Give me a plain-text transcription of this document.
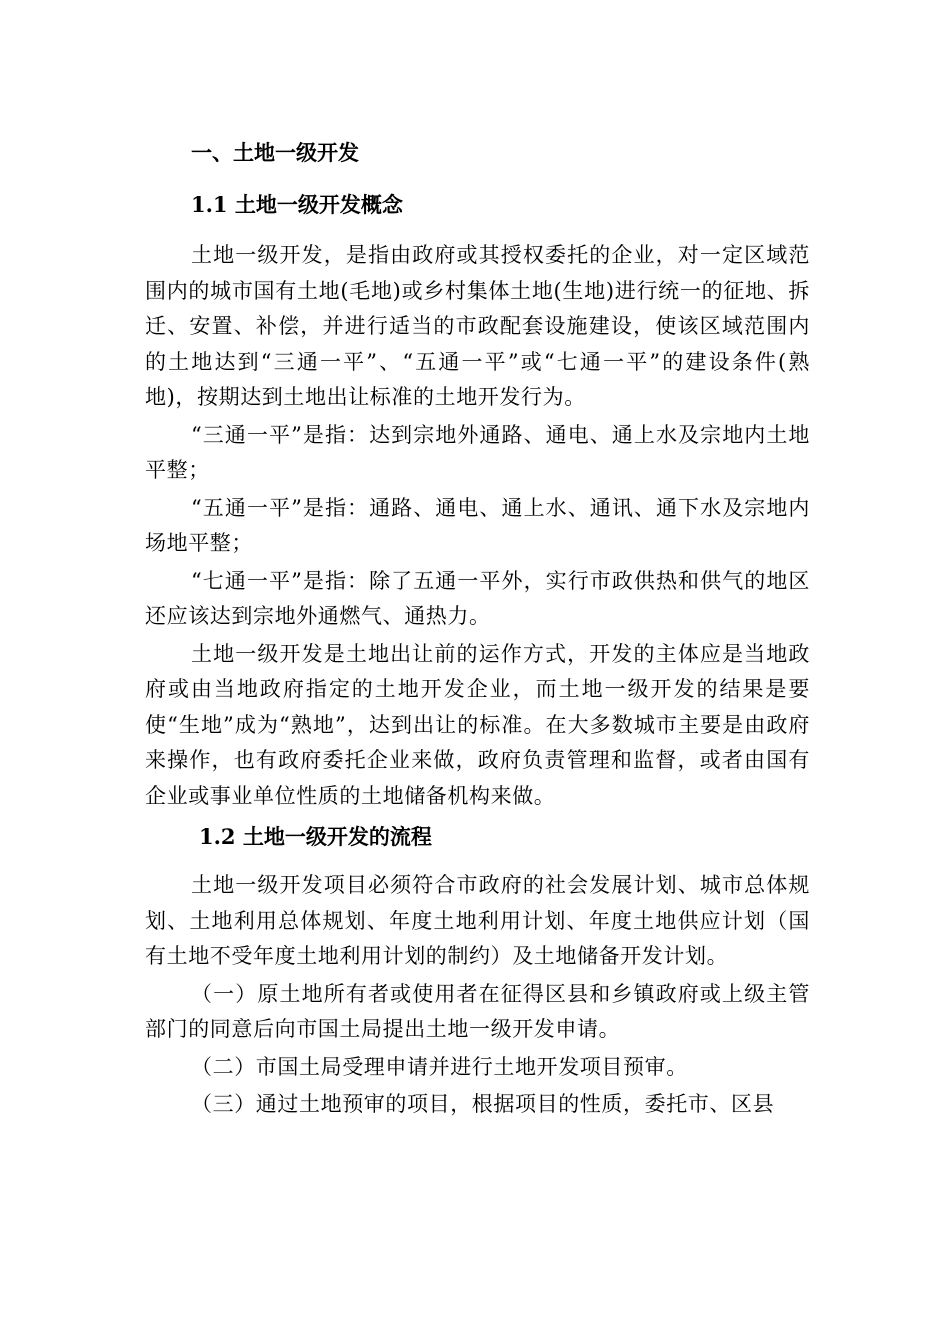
一、土地一级开发

1.1 土地一级开发概念

土地一级开发，是指由政府或其授权委托的企业，对一定区域范围内的城市国有土地(毛地)或乡村集体土地(生地)进行统一的征地、拆迁、安置、补偿，并进行适当的市政配套设施建设，使该区域范围内的土地达到“三通一平”、“五通一平”或“七通一平”的建设条件(熟地)，按期达到土地出让标准的土地开发行为。

“三通一平”是指：达到宗地外通路、通电、通上水及宗地内土地平整；

“五通一平”是指：通路、通电、通上水、通讯、通下水及宗地内场地平整；

“七通一平”是指：除了五通一平外，实行市政供热和供气的地区还应该达到宗地外通燃气、通热力。

土地一级开发是土地出让前的运作方式，开发的主体应是当地政府或由当地政府指定的土地开发企业，而土地一级开发的结果是要使“生地”成为“熟地”，达到出让的标准。在大多数城市主要是由政府来操作，也有政府委托企业来做，政府负责管理和监督，或者由国有企业或事业单位性质的土地储备机构来做。

1.2 土地一级开发的流程

土地一级开发项目必须符合市政府的社会发展计划、城市总体规划、土地利用总体规划、年度土地利用计划、年度土地供应计划（国有土地不受年度土地利用计划的制约）及土地储备开发计划。

（一）原土地所有者或使用者在征得区县和乡镇政府或上级主管部门的同意后向市国土局提出土地一级开发申请。

（二）市国土局受理申请并进行土地开发项目预审。

（三）通过土地预审的项目，根据项目的性质，委托市、区县
